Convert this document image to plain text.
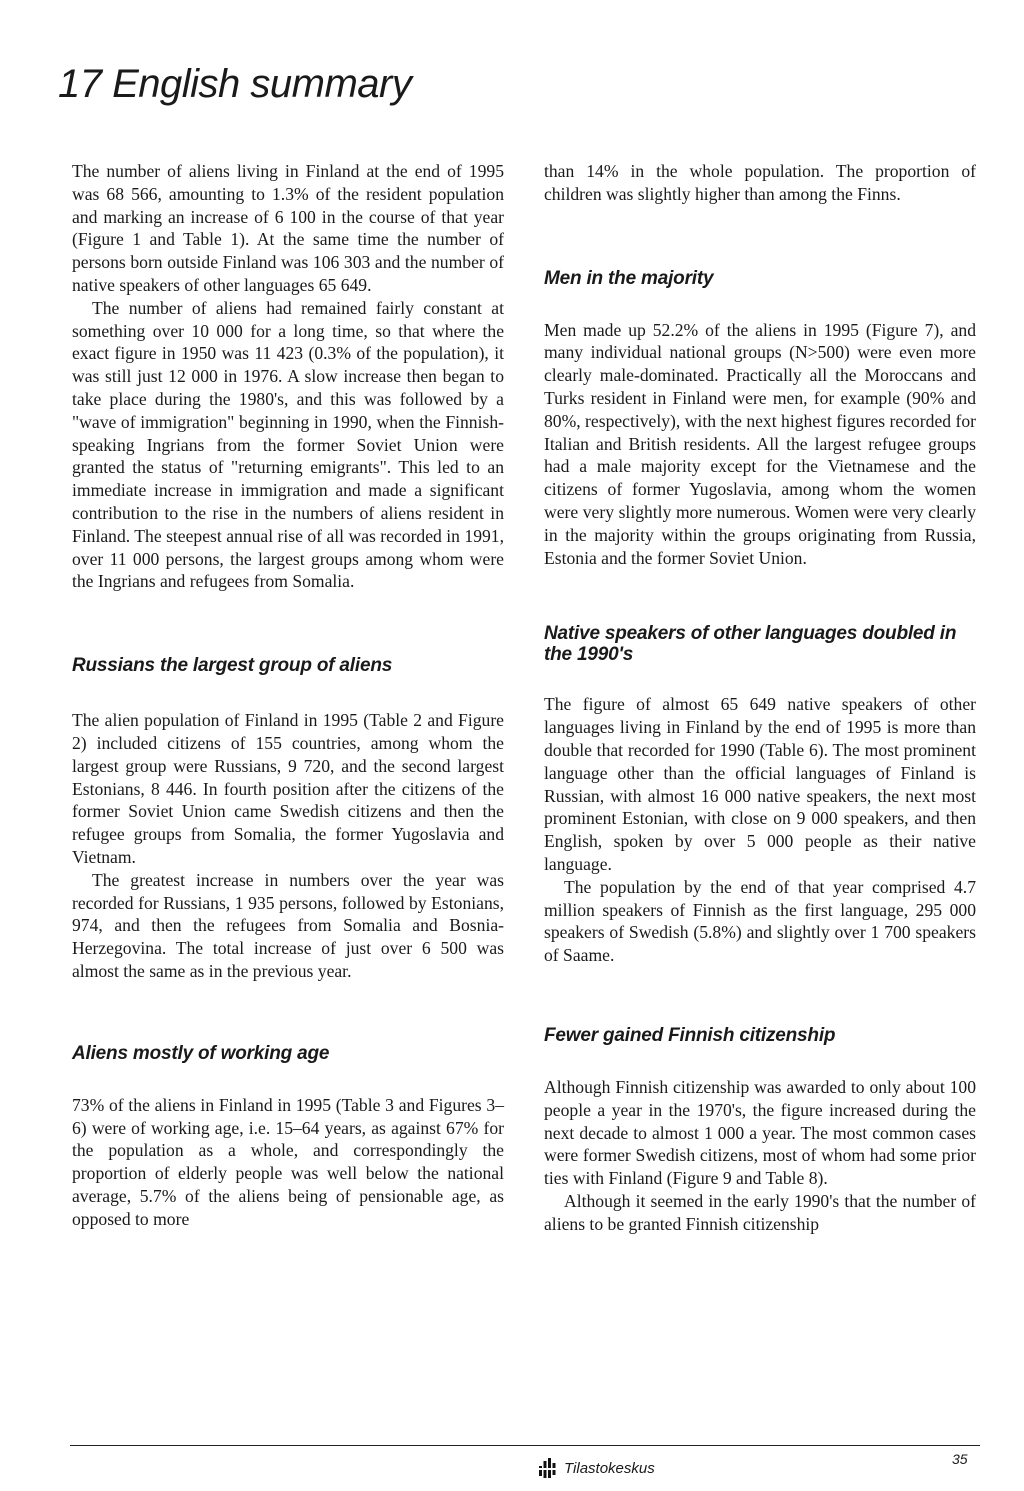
17 English summary

The number of aliens living in Finland at the end of 1995 was 68 566, amounting to 1.3% of the resident population and marking an increase of 6 100 in the course of that year (Figure 1 and Table 1). At the same time the number of persons born outside Finland was 106 303 and the number of native speakers of other languages 65 649.

The number of aliens had remained fairly constant at something over 10 000 for a long time, so that where the exact figure in 1950 was 11 423 (0.3% of the population), it was still just 12 000 in 1976. A slow increase then began to take place during the 1980's, and this was followed by a "wave of immigration" beginning in 1990, when the Finnish-speaking Ingrians from the former Soviet Union were granted the status of "returning emigrants". This led to an immediate increase in immigration and made a significant contribution to the rise in the numbers of aliens resident in Finland. The steepest annual rise of all was recorded in 1991, over 11 000 persons, the largest groups among whom were the Ingrians and refugees from Somalia.

Russians the largest group of aliens

The alien population of Finland in 1995 (Table 2 and Figure 2) included citizens of 155 countries, among whom the largest group were Russians, 9 720, and the second largest Estonians, 8 446. In fourth position after the citizens of the former Soviet Union came Swedish citizens and then the refugee groups from Somalia, the former Yugoslavia and Vietnam.

The greatest increase in numbers over the year was recorded for Russians, 1 935 persons, followed by Estonians, 974, and then the refugees from Somalia and Bosnia-Herzegovina. The total increase of just over 6 500 was almost the same as in the previous year.

Aliens mostly of working age

73% of the aliens in Finland in 1995 (Table 3 and Figures 3–6) were of working age, i.e. 15–64 years, as against 67% for the population as a whole, and correspondingly the proportion of elderly people was well below the national average, 5.7% of the aliens being of pensionable age, as opposed to more

than 14% in the whole population. The proportion of children was slightly higher than among the Finns.

Men in the majority

Men made up 52.2% of the aliens in 1995 (Figure 7), and many individual national groups (N>500) were even more clearly male-dominated. Practically all the Moroccans and Turks resident in Finland were men, for example (90% and 80%, respectively), with the next highest figures recorded for Italian and British residents. All the largest refugee groups had a male majority except for the Vietnamese and the citizens of former Yugoslavia, among whom the women were very slightly more numerous. Women were very clearly in the majority within the groups originating from Russia, Estonia and the former Soviet Union.

Native speakers of other languages doubled in the 1990's

The figure of almost 65 649 native speakers of other languages living in Finland by the end of 1995 is more than double that recorded for 1990 (Table 6). The most prominent language other than the official languages of Finland is Russian, with almost 16 000 native speakers, the next most prominent Estonian, with close on 9 000 speakers, and then English, spoken by over 5 000 people as their native language.

The population by the end of that year comprised 4.7 million speakers of Finnish as the first language, 295 000 speakers of Swedish (5.8%) and slightly over 1 700 speakers of Saame.

Fewer gained Finnish citizenship

Although Finnish citizenship was awarded to only about 100 people a year in the 1970's, the figure increased during the next decade to almost 1 000 a year. The most common cases were former Swedish citizens, most of whom had some prior ties with Finland (Figure 9 and Table 8).

Although it seemed in the early 1990's that the number of aliens to be granted Finnish citizenship

Tilastokeskus
35
